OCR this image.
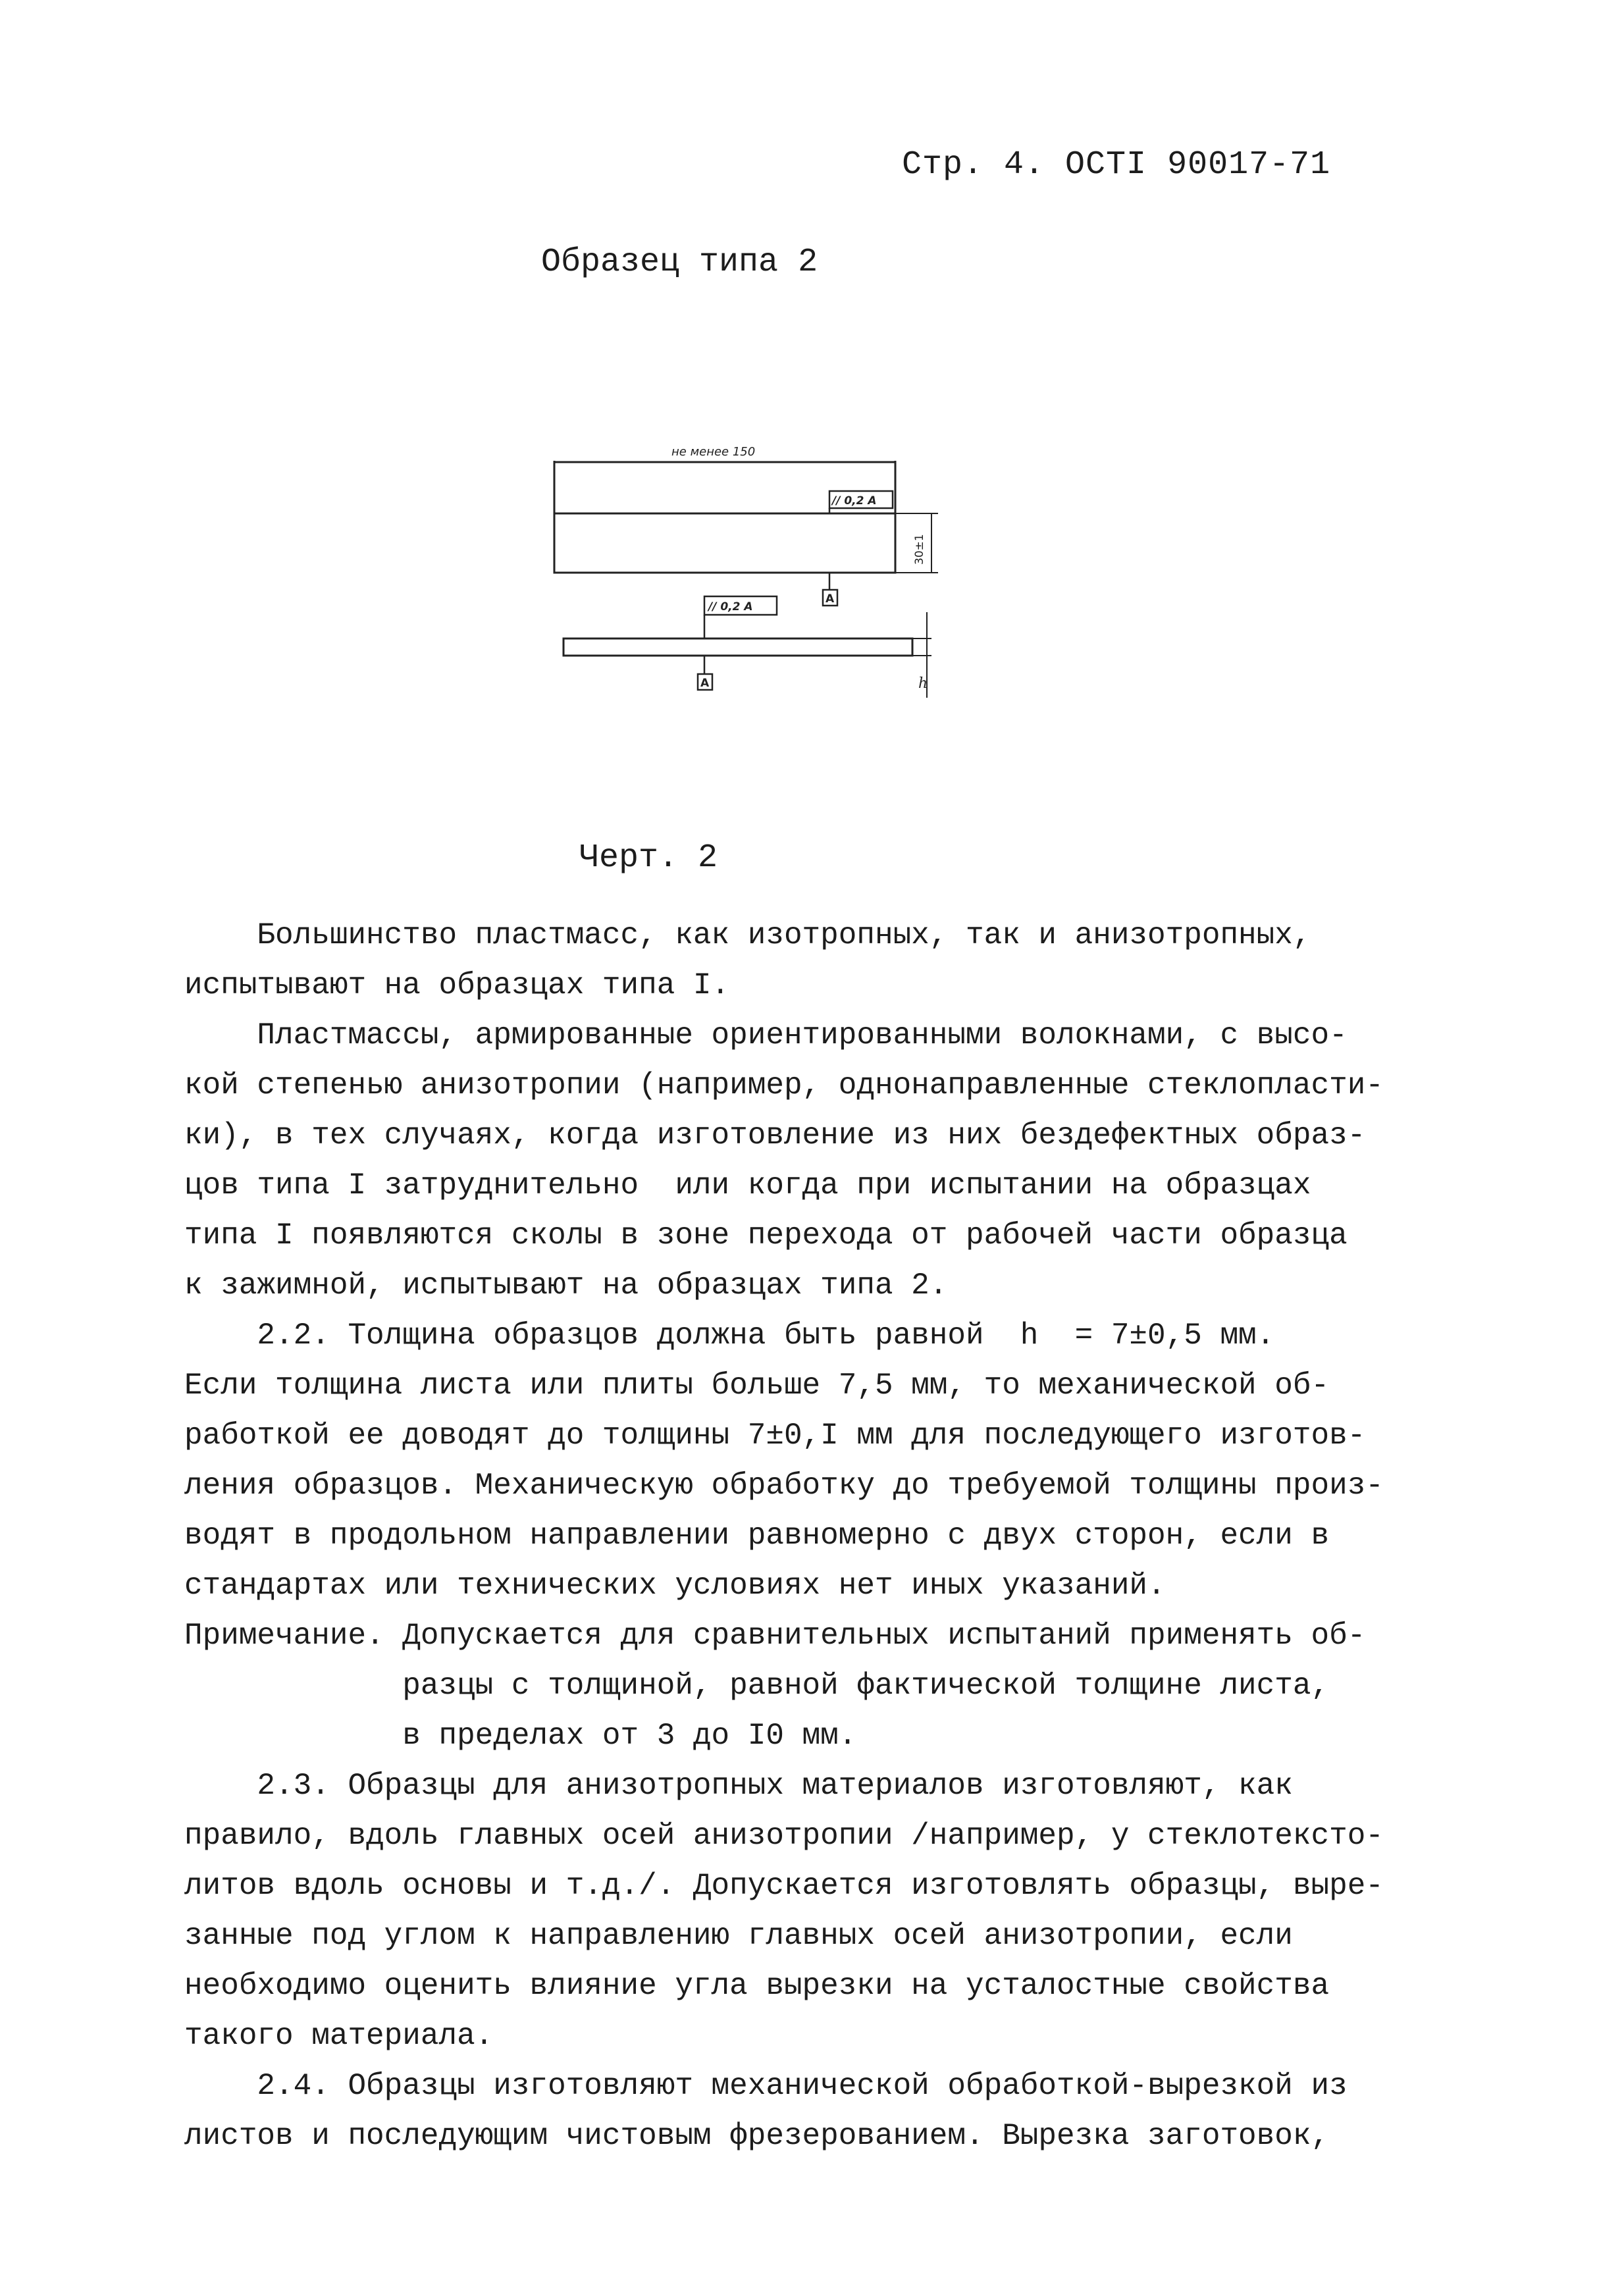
Стр. 4. ОСТI 90017-71
Образец типа 2
не менее 150
// 0,2 A
30±1
A
// 0,2 A
h
A
Черт. 2
Большинство пластмасс, как изотропных, так и анизотропных,
испытывают на образцах типа I.
Пластмассы, армированные ориентированными волокнами, с высо-
кой степенью анизотропии (например, однонаправленные стеклопласти-
ки), в тех случаях, когда изготовление из них бездефектных образ-
цов типа I затруднительно  или когда при испытании на образцах
типа I появляются сколы в зоне перехода от рабочей части образца
к зажимной, испытывают на образцах типа 2.
2.2. Толщина образцов должна быть равной  h  = 7±0,5 мм.
Если толщина листа или плиты больше 7,5 мм, то механической об-
работкой ее доводят до толщины 7±0,I мм для последующего изготов-
ления образцов. Механическую обработку до требуемой толщины произ-
водят в продольном направлении равномерно с двух сторон, если в
стандартах или технических условиях нет иных указаний.
Примечание. Допускается для сравнительных испытаний применять об-
разцы с толщиной, равной фактической толщине листа,
в пределах от 3 до I0 мм.
2.3. Образцы для анизотропных материалов изготовляют, как
правило, вдоль главных осей анизотропии /например, у стеклотексто-
литов вдоль основы и т.д./. Допускается изготовлять образцы, выре-
занные под углом к направлению главных осей анизотропии, если
необходимо оценить влияние угла вырезки на усталостные свойства
такого материала.
2.4. Образцы изготовляют механической обработкой-вырезкой из
листов и последующим чистовым фрезерованием. Вырезка заготовок,
